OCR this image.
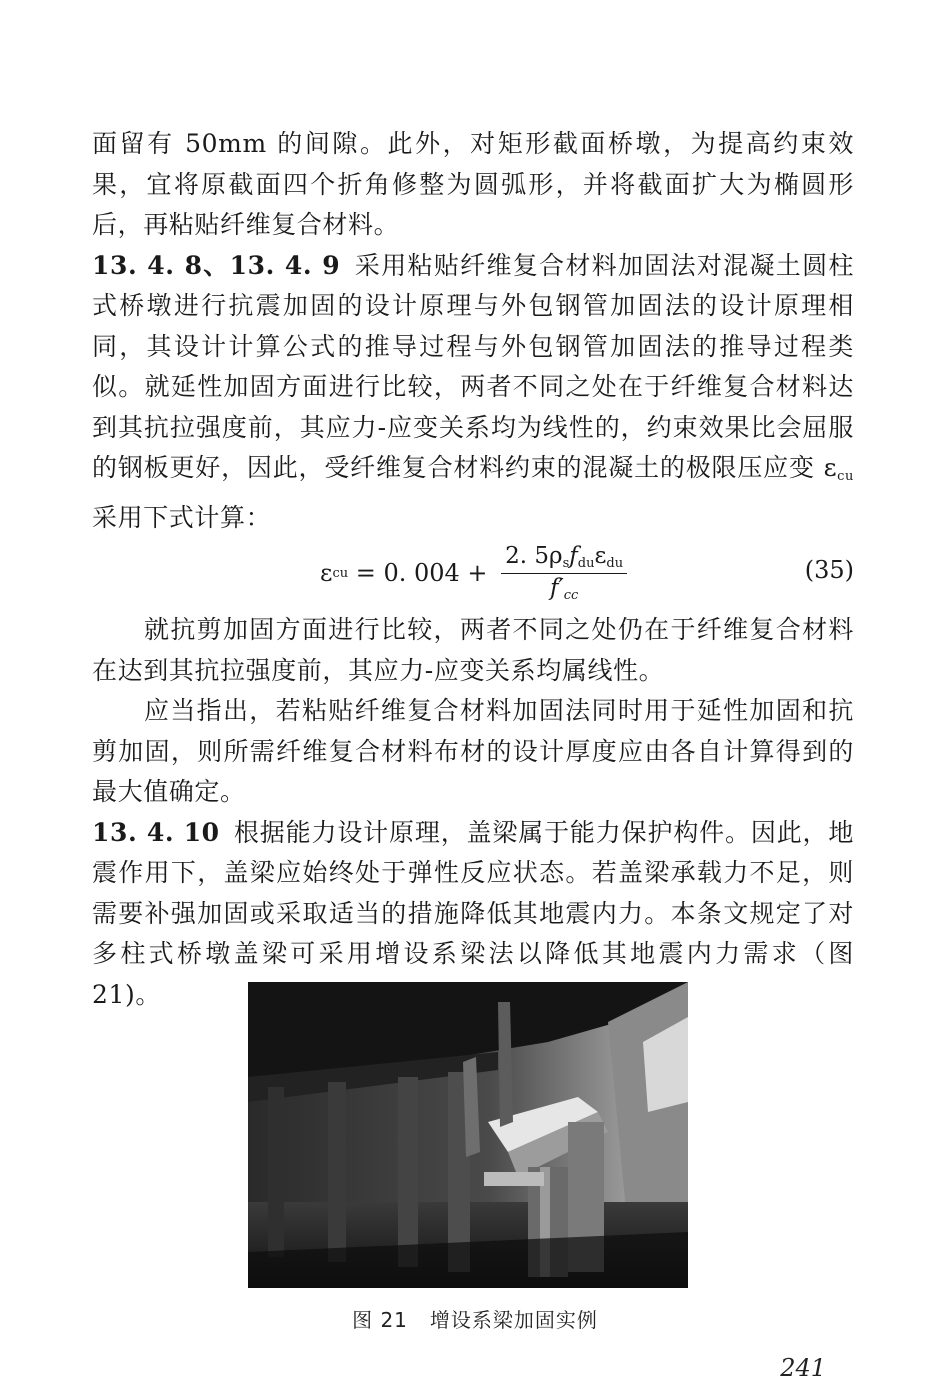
面留有 50mm 的间隙。此外，对矩形截面桥墩，为提高约束效果，宜将原截面四个折角修整为圆弧形，并将截面扩大为椭圆形后，再粘贴纤维复合材料。

13. 4. 8、13. 4. 9 采用粘贴纤维复合材料加固法对混凝土圆柱式桥墩进行抗震加固的设计原理与外包钢管加固法的设计原理相同，其设计计算公式的推导过程与外包钢管加固法的推导过程类似。就延性加固方面进行比较，两者不同之处在于纤维复合材料达到其抗拉强度前，其应力-应变关系均为线性的，约束效果比会屈服的钢板更好，因此，受纤维复合材料约束的混凝土的极限压应变 $\varepsilon_{cu}$ 采用下式计算：

ε cu = 0. $004 + \frac{2. 5\rho_sf_{du}\varepsilon_{du}}{f'_{cc}}$	(35)

就抗剪加固方面进行比较，两者不同之处仍在于纤维复合材料在达到其抗拉强度前，其应力-应变关系均属线性。

应当指出，若粘贴纤维复合材料加固法同时用于延性加固和抗剪加固，则所需纤维复合材料布材的设计厚度应由各自计算得到的最大值确定。

13. 4. 10 根据能力设计原理，盖梁属于能力保护构件。因此，地震作用下，盖梁应始终处于弹性反应状态。若盖梁承载力不足，则需要补强加固或采取适当的措施降低其地震内力。本条文规定了对多柱式桥墩盖梁可采用增设系梁法以降低其地震内力需求（图 21)。

图 21 增设系梁加固实例
241
